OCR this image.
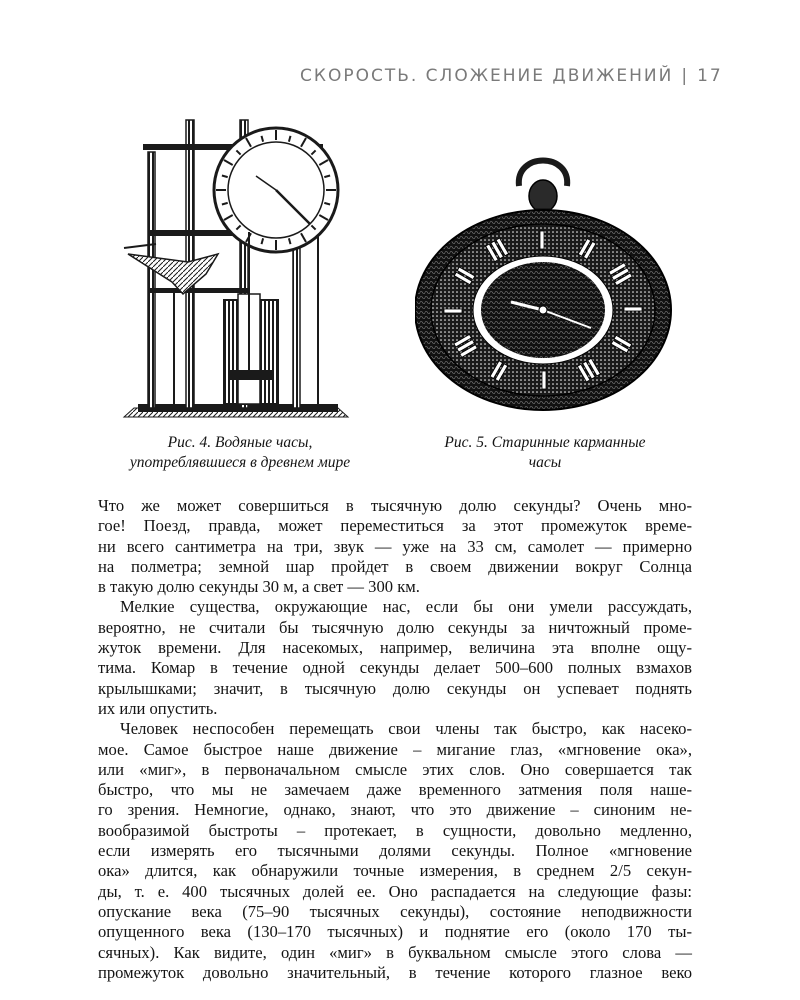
СКОРОСТЬ. СЛОЖЕНИЕ ДВИЖЕНИЙ | 17
Рис. 4. Водяные часы,
употреблявшиеся в древнем мире
Рис. 5. Старинные карманные
часы
Что же может совершиться в тысячную долю секунды? Очень мно-
гое! Поезд, правда, может переместиться за этот промежуток време-
ни всего сантиметра на три, звук — уже на 33 см, самолет — примерно
на полметра; земной шар пройдет в своем движении вокруг Солнца
в такую долю секунды 30 м, а свет — 300 км.
Мелкие существа, окружающие нас, если бы они умели рассуждать,
вероятно, не считали бы тысячную долю секунды за ничтожный проме-
жуток времени. Для насекомых, например, величина эта вполне ощу-
тима. Комар в течение одной секунды делает 500–600 полных взмахов
крылышками; значит, в тысячную долю секунды он успевает поднять
их или опустить.
Человек неспособен перемещать свои члены так быстро, как насеко-
мое. Самое быстрое наше движение – мигание глаз, «мгновение ока»,
или «миг», в первоначальном смысле этих слов. Оно совершается так
быстро, что мы не замечаем даже временного затмения поля наше-
го зрения. Немногие, однако, знают, что это движение – синоним не-
вообразимой быстроты – протекает, в сущности, довольно медленно,
если измерять его тысячными долями секунды. Полное «мгновение
ока» длится, как обнаружили точные измерения, в среднем 2/5 секун-
ды, т. е. 400 тысячных долей ее. Оно распадается на следующие фазы:
опускание века (75–90 тысячных секунды), состояние неподвижности
опущенного века (130–170 тысячных) и поднятие его (около 170 ты-
сячных). Как видите, один «миг» в буквальном смысле этого слова —
промежуток довольно значительный, в течение которого глазное веко
